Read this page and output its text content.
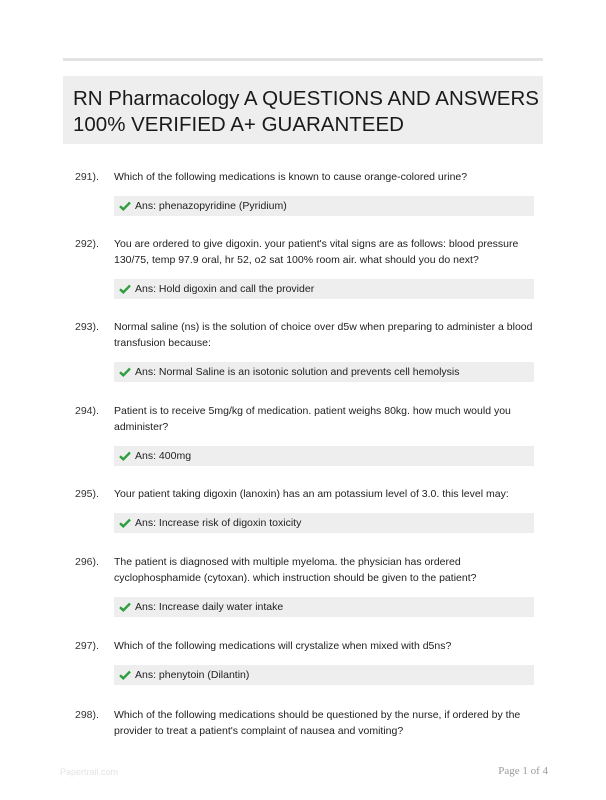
RN Pharmacology A QUESTIONS AND ANSWERS
100% VERIFIED A+ GUARANTEED
291).	Which of the following medications is known to cause orange-colored urine?
Ans: phenazopyridine (Pyridium)
292).	You are ordered to give digoxin. your patient's vital signs are as follows: blood pressure 130/75, temp 97.9 oral, hr 52, o2 sat 100% room air. what should you do next?
Ans: Hold digoxin and call the provider
293).	Normal saline (ns) is the solution of choice over d5w when preparing to administer a blood transfusion because:
Ans: Normal Saline is an isotonic solution and prevents cell hemolysis
294).	Patient is to receive 5mg/kg of medication. patient weighs 80kg. how much would you administer?
Ans: 400mg
295).	Your patient taking digoxin (lanoxin) has an am potassium level of 3.0. this level may:
Ans: Increase risk of digoxin toxicity
296).	The patient is diagnosed with multiple myeloma. the physician has ordered cyclophosphamide (cytoxan). which instruction should be given to the patient?
Ans: Increase daily water intake
297).	Which of the following medications will crystalize when mixed with d5ns?
Ans: phenytoin (Dilantin)
298).	Which of the following medications should be questioned by the nurse, if ordered by the provider to treat a patient's complaint of nausea and vomiting?
Papertrail.com	Page 1 of 4
